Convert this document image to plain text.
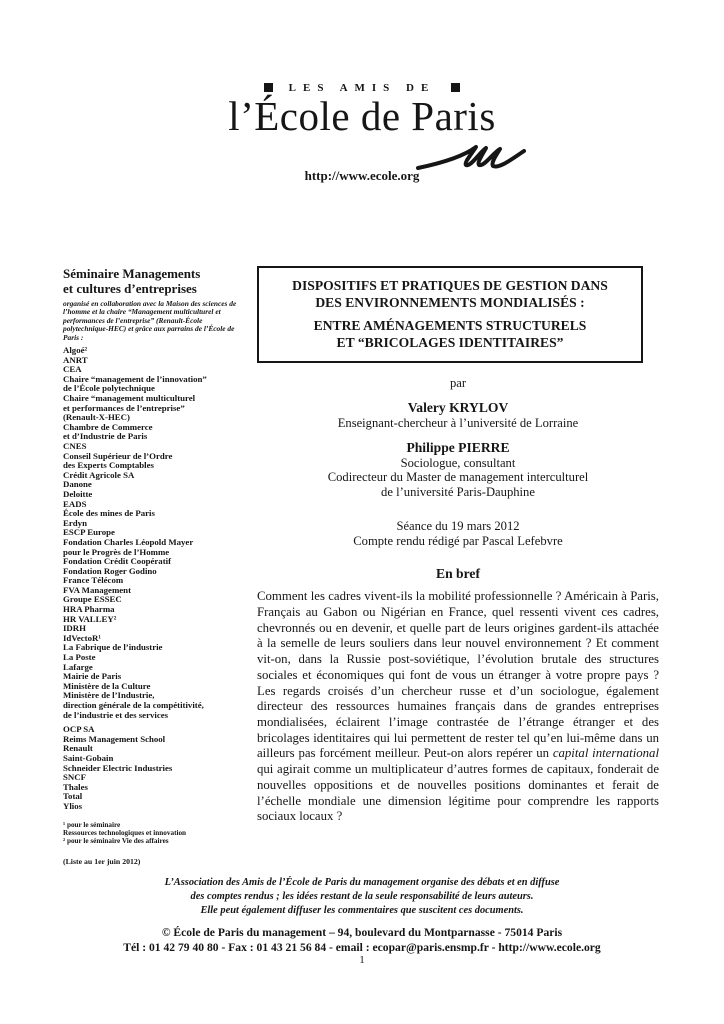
LES AMIS DE
l’École de Paris
http://www.ecole.org
Séminaire Managements
et cultures d’entreprises
organisé en collaboration avec la Maison des sciences de l’homme et la chaire “Management multiculturel et performances de l’entreprise” (Renault-École polytechnique-HEC) et grâce aux parrains de l’École de Paris :
Algoé²
ANRT
CEA
Chaire “management de l’innovation”
de l’École polytechnique
Chaire “management multiculturel
et performances de l’entreprise”
(Renault-X-HEC)
Chambre de Commerce
et d’Industrie de Paris
CNES
Conseil Supérieur de l’Ordre
des Experts Comptables
Crédit Agricole SA
Danone
Deloitte
EADS
École des mines de Paris
Erdyn
ESCP Europe
Fondation Charles Léopold Mayer
pour le Progrès de l’Homme
Fondation Crédit Coopératif
Fondation Roger Godino
France Télécom
FVA Management
Groupe ESSEC
HRA Pharma
HR VALLEY²
IDRH
IdVectoR¹
La Fabrique de l’industrie
La Poste
Lafarge
Mairie de Paris
Ministère de la Culture
Ministère de l’Industrie,
direction générale de la compétitivité,
de l’industrie et des services
OCP SA
Reims Management School
Renault
Saint-Gobain
Schneider Electric Industries
SNCF
Thales
Total
Ylios
¹ pour le séminaire
Ressources technologiques et innovation
² pour le séminaire Vie des affaires
(Liste au 1er juin 2012)
DISPOSITIFS ET PRATIQUES DE GESTION DANS
DES ENVIRONNEMENTS MONDIALISÉS :
ENTRE AMÉNAGEMENTS STRUCTURELS
ET “BRICOLAGES IDENTITAIRES”
par
Valery KRYLOV
Enseignant-chercheur à l’université de Lorraine
Philippe PIERRE
Sociologue, consultant
Codirecteur du Master de management interculturel
de l’université Paris-Dauphine
Séance du 19 mars 2012
Compte rendu rédigé par Pascal Lefebvre
En bref

Comment les cadres vivent-ils la mobilité professionnelle ? Américain à Paris, Français au Gabon ou Nigérian en France, quel ressenti vivent ces cadres, chevronnés ou en devenir, et quelle part de leurs origines gardent-ils attachée à la semelle de leurs souliers dans leur nouvel environnement ? Et comment vit-on, dans la Russie post-soviétique, l’évolution brutale des structures sociales et économiques qui font de vous un étranger à votre propre pays ? Les regards croisés d’un chercheur russe et d’un sociologue, également directeur des ressources humaines français dans de grandes entreprises mondialisées, éclairent l’image contrastée de l’étrange étranger et des bricolages identitaires qui lui permettent de rester tel qu’en lui-même dans un ailleurs pas forcément meilleur. Peut-on alors repérer un capital international qui agirait comme un multiplicateur d’autres formes de capitaux, fonderait de nouvelles oppositions et de nouvelles positions dominantes et ferait de l’échelle mondiale une dimension légitime pour comprendre les rapports sociaux locaux ?

L’Association des Amis de l’École de Paris du management organise des débats et en diffuse
des comptes rendus ; les idées restant de la seule responsabilité de leurs auteurs.
Elle peut également diffuser les commentaires que suscitent ces documents.
© École de Paris du management – 94, boulevard du Montparnasse - 75014 Paris
Tél : 01 42 79 40 80 - Fax : 01 43 21 56 84 - email : ecopar@paris.ensmp.fr - http://www.ecole.org
1
